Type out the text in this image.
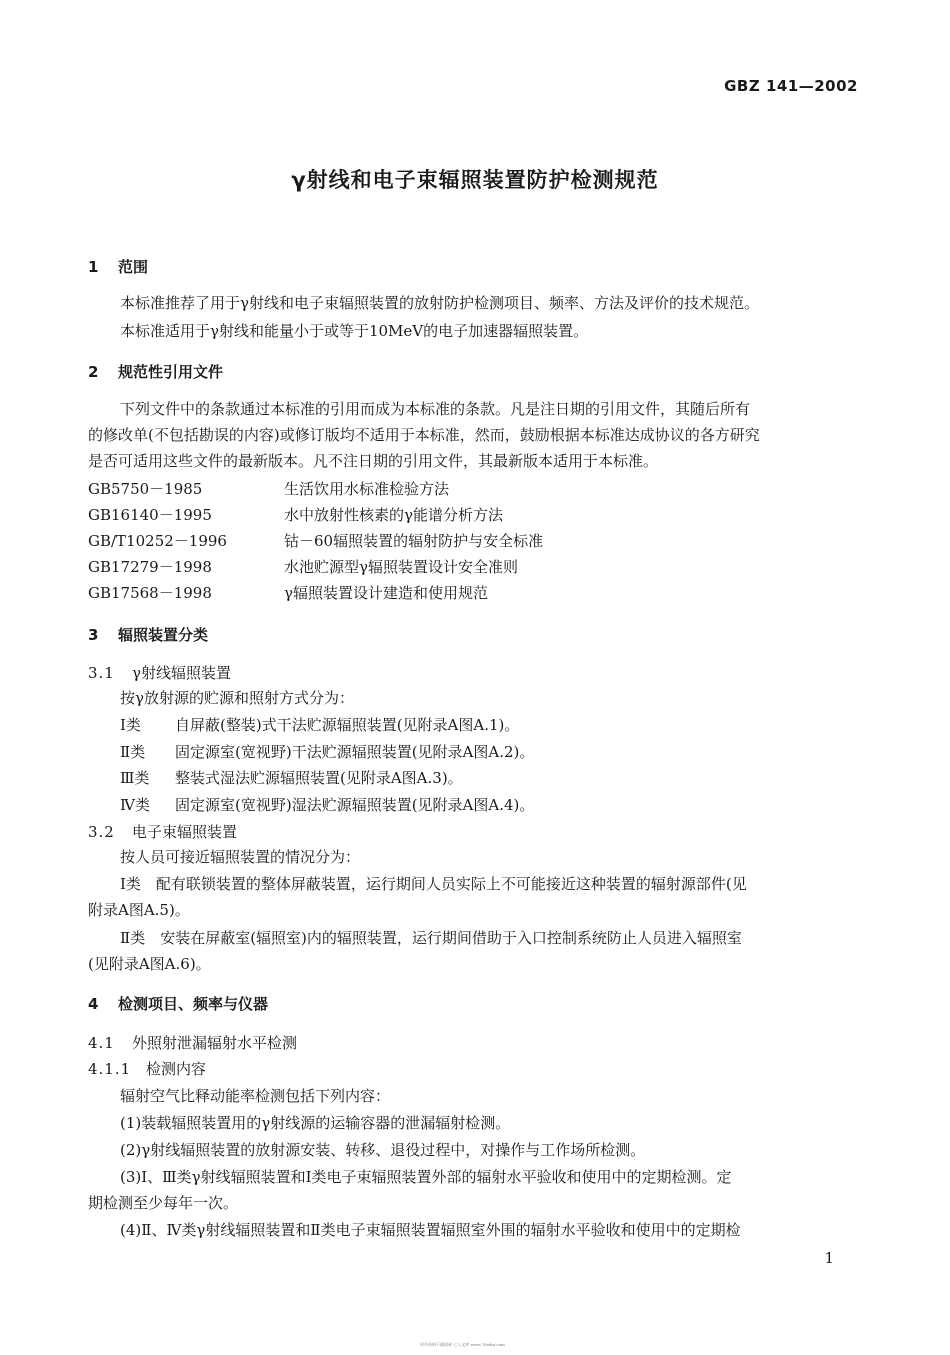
GBZ 141—2002
γ射线和电子束辐照装置防护检测规范
1 范围
本标准推荐了用于γ射线和电子束辐照装置的放射防护检测项目、频率、方法及评价的技术规范。
本标准适用于γ射线和能量小于或等于10MeV的电子加速器辐照装置。
2 规范性引用文件
下列文件中的条款通过本标准的引用而成为本标准的条款。凡是注日期的引用文件，其随后所有
的修改单(不包括勘误的内容)或修订版均不适用于本标准，然而，鼓励根据本标准达成协议的各方研究
是否可适用这些文件的最新版本。凡不注日期的引用文件，其最新版本适用于本标准。
GB5750－1985	生活饮用水标准检验方法
GB16140－1995	水中放射性核素的γ能谱分析方法
GB/T10252－1996	钴－60辐照装置的辐射防护与安全标准
GB17279－1998	水池贮源型γ辐照装置设计安全准则
GB17568－1998	γ辐照装置设计建造和使用规范
3 辐照装置分类
3.1 γ射线辐照装置
按γ放射源的贮源和照射方式分为：
Ⅰ类 自屏蔽(整装)式干法贮源辐照装置(见附录A图A.1)。
Ⅱ类 固定源室(宽视野)干法贮源辐照装置(见附录A图A.2)。
Ⅲ类 整装式湿法贮源辐照装置(见附录A图A.3)。
Ⅳ类 固定源室(宽视野)湿法贮源辐照装置(见附录A图A.4)。
3.2 电子束辐照装置
按人员可接近辐照装置的情况分为：
Ⅰ类　配有联锁装置的整体屏蔽装置，运行期间人员实际上不可能接近这种装置的辐射源部件(见
附录A图A.5)。
Ⅱ类　安装在屏蔽室(辐照室)内的辐照装置，运行期间借助于入口控制系统防止人员进入辐照室
(见附录A图A.6)。
4 检测项目、频率与仪器
4.1 外照射泄漏辐射水平检测
4.1.1 检测内容
辐射空气比释动能率检测包括下列内容：
(1)装载辐照装置用的γ射线源的运输容器的泄漏辐射检测。
(2)γ射线辐照装置的放射源安装、转移、退役过程中，对操作与工作场所检测。
(3)Ⅰ、Ⅲ类γ射线辐照装置和Ⅰ类电子束辐照装置外部的辐射水平验收和使用中的定期检测。定
期检测至少每年一次。
(4)Ⅱ、Ⅳ类γ射线辐照装置和Ⅱ类电子束辐照装置辐照室外围的辐射水平验收和使用中的定期检
1
更多资料下载请到 七八文库 www.78wku.com
